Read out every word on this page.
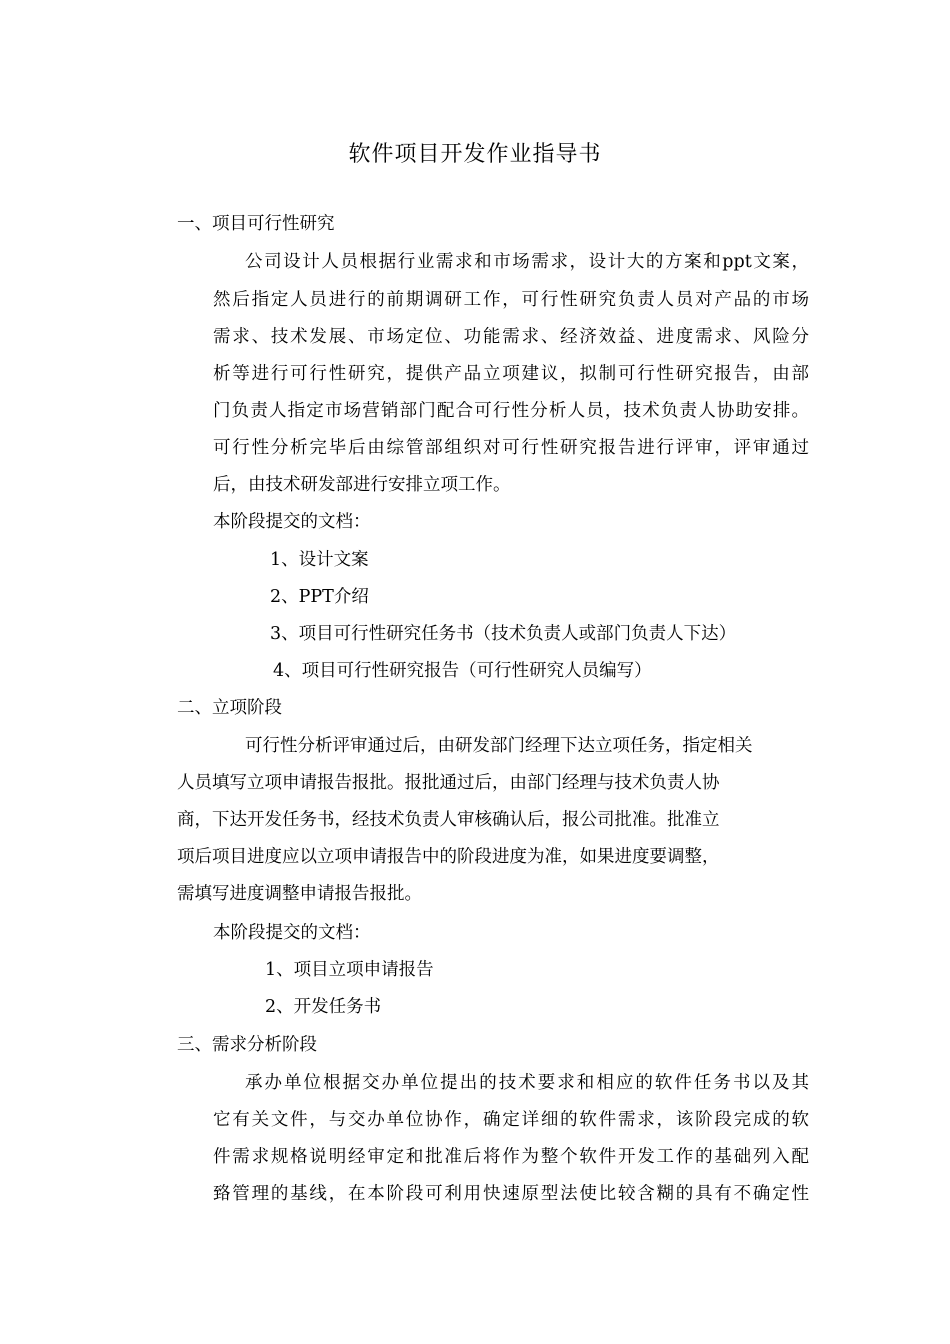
软件项目开发作业指导书

一、项目可行性研究

公司设计人员根据行业需求和市场需求，设计大的方案和ppt文案，

然后指定人员进行的前期调研工作，可行性研究负责人员对产品的市场

需求、技术发展、市场定位、功能需求、经济效益、进度需求、风险分

析等进行可行性研究，提供产品立项建议，拟制可行性研究报告，由部

门负责人指定市场营销部门配合可行性分析人员，技术负责人协助安排。

可行性分析完毕后由综管部组织对可行性研究报告进行评审，评审通过

后，由技术研发部进行安排立项工作。

本阶段提交的文档：

1、设计文案

2、PPT介绍

3、项目可行性研究任务书（技术负责人或部门负责人下达）

4、项目可行性研究报告（可行性研究人员编写）

二、立项阶段

可行性分析评审通过后，由研发部门经理下达立项任务，指定相关

人员填写立项申请报告报批。报批通过后，由部门经理与技术负责人协

商，下达开发任务书，经技术负责人审核确认后，报公司批准。批准立

项后项目进度应以立项申请报告中的阶段进度为准，如果进度要调整，

需填写进度调整申请报告报批。

本阶段提交的文档：

1、项目立项申请报告

2、开发任务书

三、需求分析阶段

承办单位根据交办单位提出的技术要求和相应的软件任务书以及其

它有关文件，与交办单位协作，确定详细的软件需求，该阶段完成的软

件需求规格说明经审定和批准后将作为整个软件开发工作的基础列入配

臵管理的基线，在本阶段可利用快速原型法使比较含糊的具有不确定性
